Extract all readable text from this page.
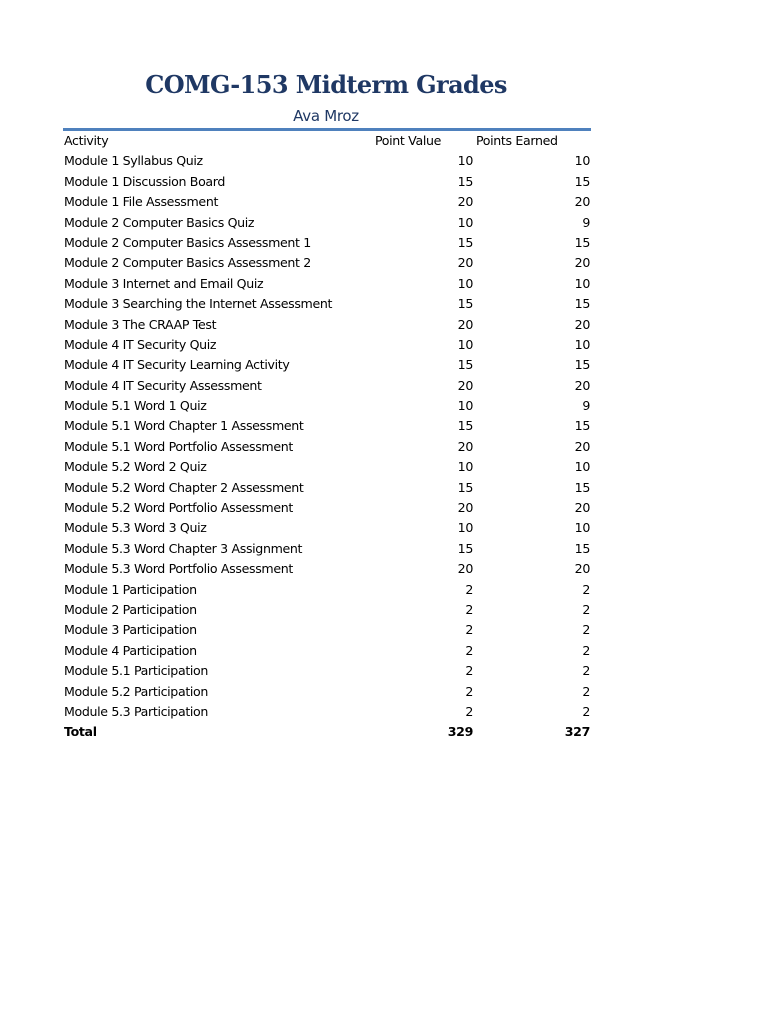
COMG-153 Midterm Grades
Ava Mroz
Activity	Point Value	Points Earned
Module 1 Syllabus Quiz	10	10
Module 1 Discussion Board	15	15
Module 1 File Assessment	20	20
Module 2 Computer Basics Quiz	10	9
Module 2 Computer Basics Assessment 1	15	15
Module 2 Computer Basics Assessment 2	20	20
Module 3 Internet and Email Quiz	10	10
Module 3 Searching the Internet Assessment	15	15
Module 3 The CRAAP Test	20	20
Module 4 IT Security Quiz	10	10
Module 4 IT Security Learning Activity	15	15
Module 4 IT Security Assessment	20	20
Module 5.1 Word 1 Quiz	10	9
Module 5.1 Word Chapter 1 Assessment	15	15
Module 5.1 Word Portfolio Assessment	20	20
Module 5.2 Word 2 Quiz	10	10
Module 5.2 Word Chapter 2 Assessment	15	15
Module 5.2 Word Portfolio Assessment	20	20
Module 5.3 Word 3 Quiz	10	10
Module 5.3 Word Chapter 3 Assignment	15	15
Module 5.3 Word Portfolio Assessment	20	20
Module 1 Participation	2	2
Module 2 Participation	2	2
Module 3 Participation	2	2
Module 4 Participation	2	2
Module 5.1 Participation	2	2
Module 5.2 Participation	2	2
Module 5.3 Participation	2	2
Total	329	327
